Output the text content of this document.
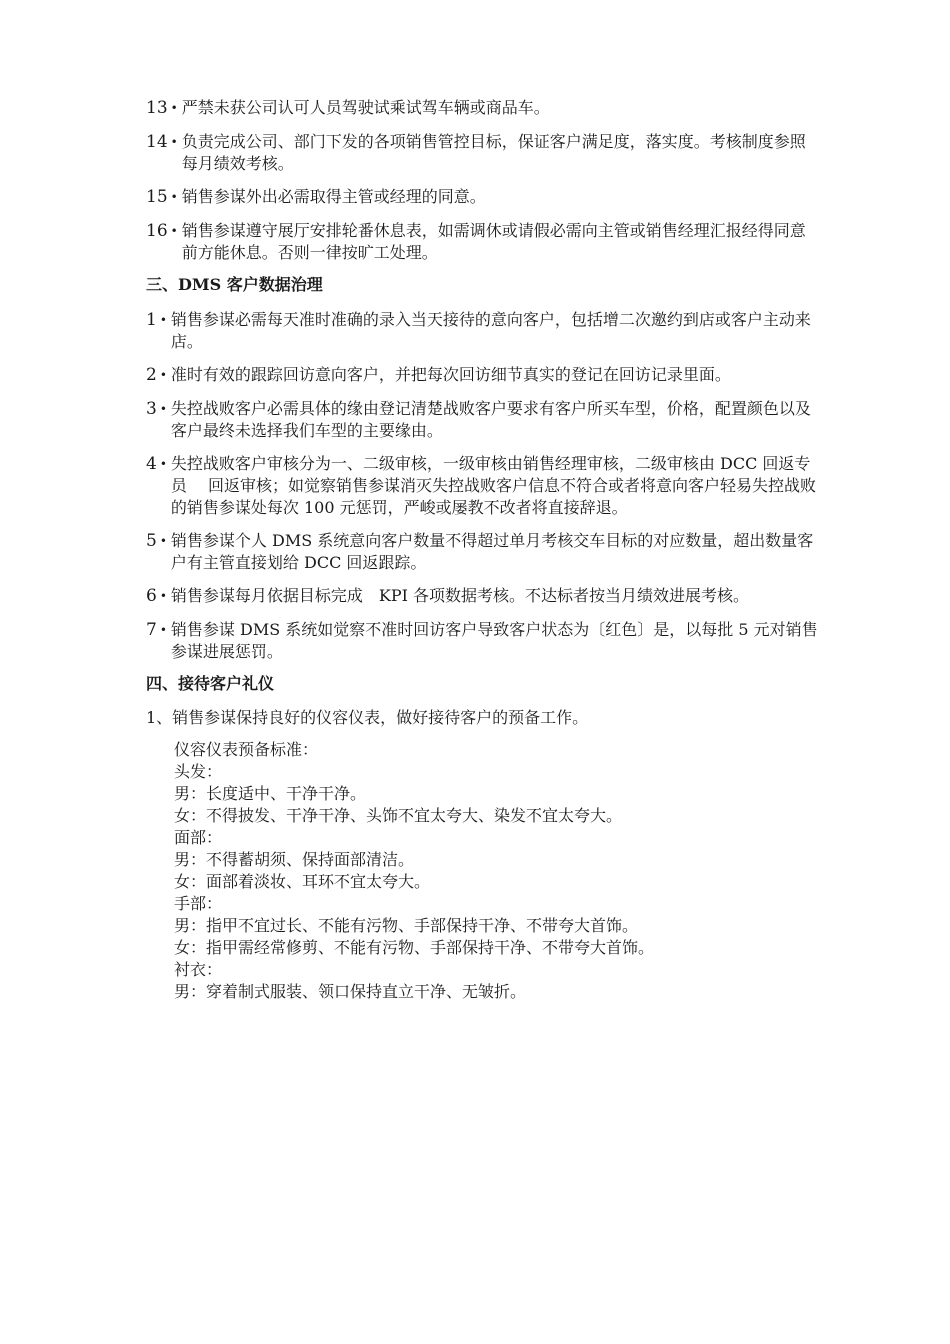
13 • 严禁未获公司认可人员驾驶试乘试驾车辆或商品车。
14 • 负责完成公司、部门下发的各项销售管控目标，保证客户满足度，落实度。考核制度参照每月绩效考核。
15 • 销售参谋外出必需取得主管或经理的同意。
16 • 销售参谋遵守展厅安排轮番休息表，如需调休或请假必需向主管或销售经理汇报经得同意前方能休息。否则一律按旷工处理。
三、DMS 客户数据治理
1 • 销售参谋必需每天准时准确的录入当天接待的意向客户，包括增二次邀约到店或客户主动来店。
2 • 准时有效的跟踪回访意向客户，并把每次回访细节真实的登记在回访记录里面。
3 • 失控战败客户必需具体的缘由登记清楚战败客户要求有客户所买车型，价格，配置颜色以及客户最终未选择我们车型的主要缘由。
4 • 失控战败客户审核分为一、二级审核，一级审核由销售经理审核，二级审核由 DCC 回返专员　 回返审核；如觉察销售参谋消灭失控战败客户信息不符合或者将意向客户轻易失控战败的销售参谋处每次 100 元惩罚，严峻或屡教不改者将直接辞退。
5 • 销售参谋个人 DMS 系统意向客户数量不得超过单月考核交车目标的对应数量，超出数量客户有主管直接划给 DCC 回返跟踪。
6 • 销售参谋每月依据目标完成　KPI 各项数据考核。不达标者按当月绩效进展考核。
7 • 销售参谋 DMS 系统如觉察不准时回访客户导致客户状态为〔红色〕是，以每批 5 元对销售参谋进展惩罚。
四、接待客户礼仪
1、销售参谋保持良好的仪容仪表，做好接待客户的预备工作。
仪容仪表预备标准：
头发：
男：长度适中、干净干净。
女：不得披发、干净干净、头饰不宜太夸大、染发不宜太夸大。
面部：
男：不得蓄胡须、保持面部清洁。
女：面部着淡妆、耳环不宜太夸大。
手部：
男：指甲不宜过长、不能有污物、手部保持干净、不带夸大首饰。
女：指甲需经常修剪、不能有污物、手部保持干净、不带夸大首饰。
衬衣：
男：穿着制式服装、领口保持直立干净、无皱折。
